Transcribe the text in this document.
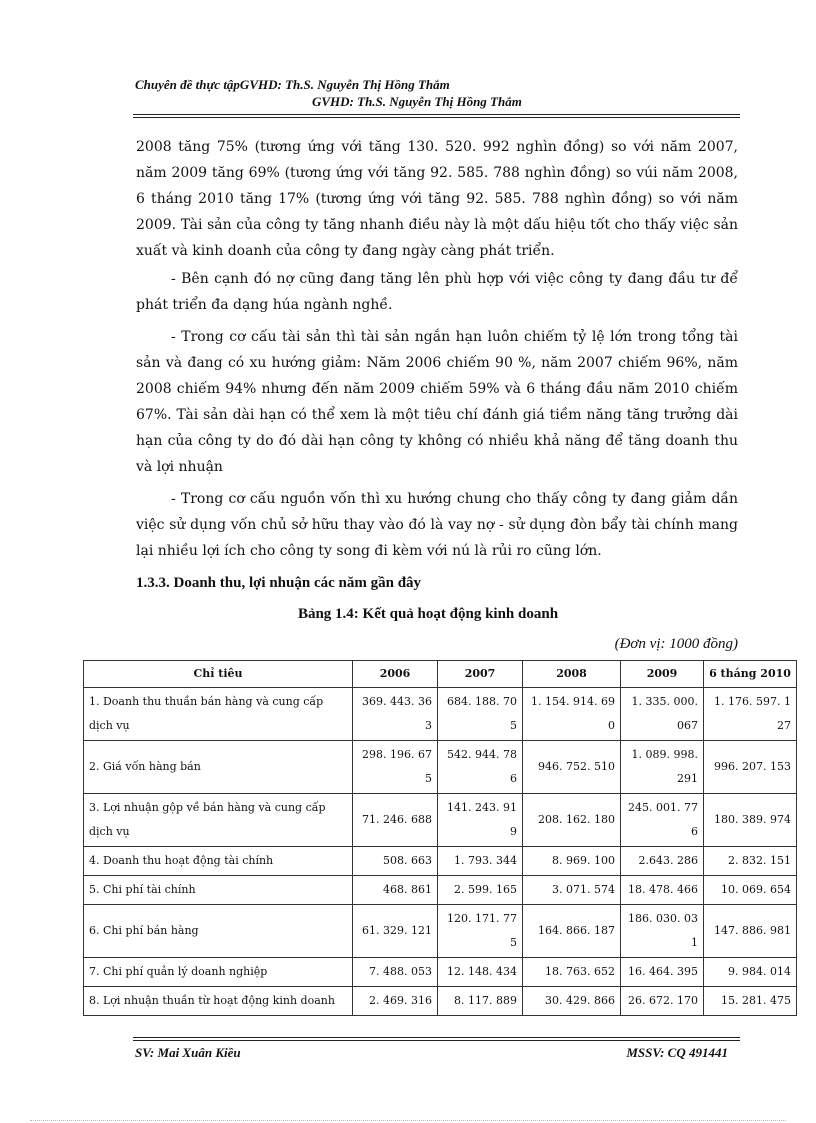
Chuyên đề thực tậpGVHD: Th.S. Nguyễn Thị Hồng Thắm
GVHD: Th.S. Nguyễn Thị Hồng Thắm

2008 tăng 75% (tương ứng với tăng 130. 520. 992 nghìn đồng) so với năm 2007, năm 2009 tăng 69% (tương ứng với tăng 92. 585. 788 nghìn đồng) so vúi năm 2008, 6 tháng 2010 tăng 17% (tương ứng với tăng 92. 585. 788 nghìn đồng) so với năm 2009. Tài sản của công ty tăng nhanh điều này là một dấu hiệu tốt cho thấy việc sản xuất và kinh doanh của công ty đang ngày càng phát triển.

- Bên cạnh đó nợ cũng đang tăng lên phù hợp với việc công ty đang đầu tư để phát triển đa dạng húa ngành nghề.

- Trong cơ cấu tài sản thì tài sản ngắn hạn luôn chiếm tỷ lệ lớn trong tổng tài sản và đang có xu hướng giảm: Năm 2006 chiếm 90 %, năm 2007 chiếm 96%, năm 2008 chiếm 94% nhưng đến năm 2009 chiếm 59% và 6 tháng đầu năm 2010 chiếm 67%. Tài sản dài hạn có thể xem là một tiêu chí đánh giá tiềm năng tăng trưởng dài hạn của công ty do đó dài hạn công ty không có nhiều khả năng để tăng doanh thu và lợi nhuận

- Trong cơ cấu nguồn vốn thì xu hướng chung cho thấy công ty đang giảm dần việc sử dụng vốn chủ sở hữu thay vào đó là vay nợ - sử dụng đòn bẩy tài chính mang lại nhiều lợi ích cho công ty song đi kèm với nú là rủi ro cũng lớn.

1.3.3. Doanh thu, lợi nhuận các năm gần đây
Bảng 1.4: Kết quả hoạt động kinh doanh
(Đơn vị: 1000 đồng)
Chỉ tiêu	2006	2007	2008	2009	6 tháng 2010
1. Doanh thu thuần bán hàng và cung cấp dịch vụ	369. 443. 363	684. 188. 705	1. 154. 914. 690	1. 335. 000. 067	1. 176. 597. 127
2. Giá vốn hàng bán	298. 196. 675	542. 944. 786	946. 752. 510	1. 089. 998. 291	996. 207. 153
3. Lợi nhuận gộp về bán hàng và cung cấp dịch vụ	71. 246. 688	141. 243. 919	208. 162. 180	245. 001. 776	180. 389. 974
4. Doanh thu hoạt động tài chính	508. 663	1. 793. 344	8. 969. 100	2.643. 286	2. 832. 151
5. Chi phí tài chính	468. 861	2. 599. 165	3. 071. 574	18. 478. 466	10. 069. 654
6. Chi phí bán hàng	61. 329. 121	120. 171. 775	164. 866. 187	186. 030. 031	147. 886. 981
7. Chi phí quản lý doanh nghiệp	7. 488. 053	12. 148. 434	18. 763. 652	16. 464. 395	9. 984. 014
8. Lợi nhuận thuần từ hoạt động kinh doanh	2. 469. 316	8. 117. 889	30. 429. 866	26. 672. 170	15. 281. 475
SV: Mai Xuân Kiều	MSSV: CQ 491441
